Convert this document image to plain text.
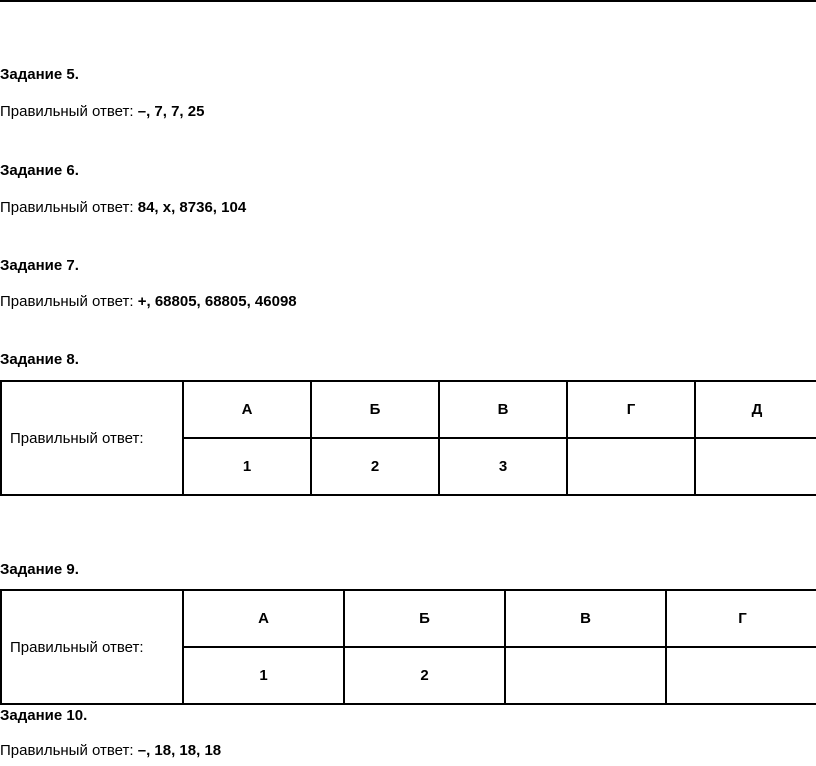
Задание 5.
Правильный ответ: –, 7, 7, 25
Задание 6.
Правильный ответ: 84, x, 8736, 104
Задание 7.
Правильный ответ: +, 68805, 68805, 46098
Задание 8.
Правильный ответ:	А	Б	В	Г	Д
	1	2	3		
Задание 9.
Правильный ответ:	А	Б	В	Г
	1	2		
Задание 10.
Правильный ответ: –, 18, 18, 18
